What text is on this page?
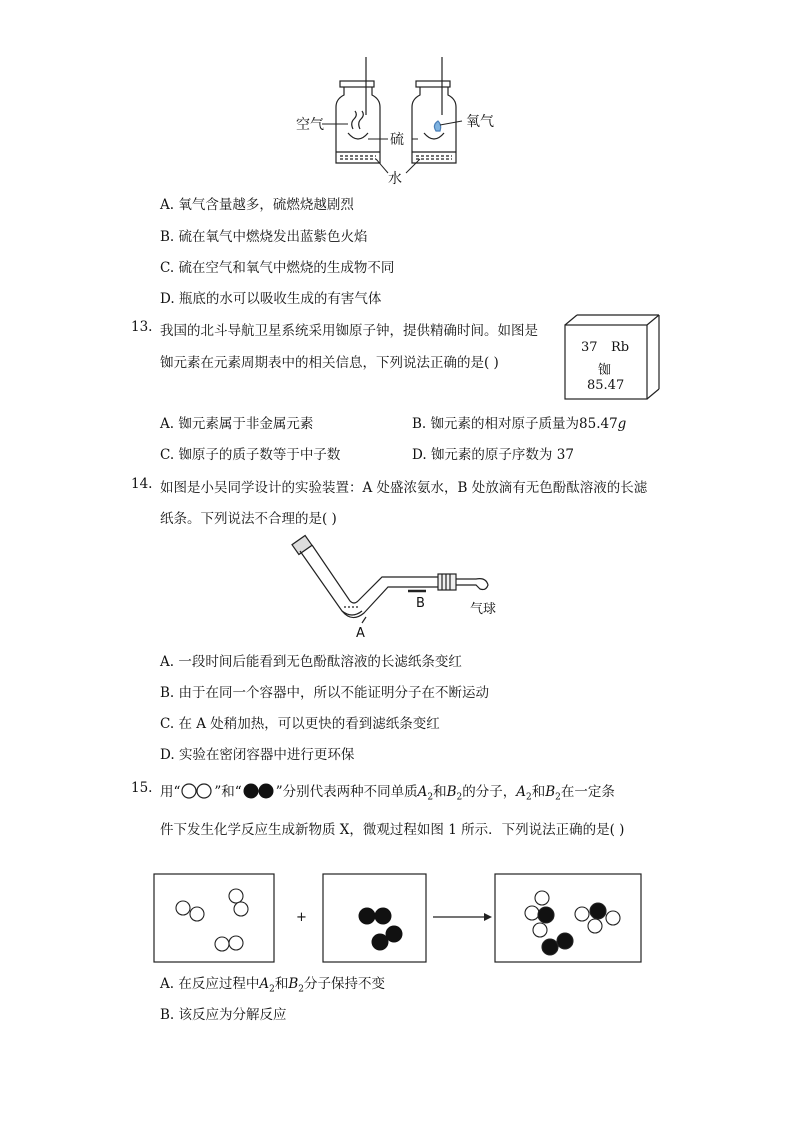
空气	氧气
硫
水
A. 氧气含量越多，硫燃烧越剧烈
B. 硫在氧气中燃烧发出蓝紫色火焰
C. 硫在空气和氧气中燃烧的生成物不同
D. 瓶底的水可以吸收生成的有害气体
13. 我国的北斗导航卫星系统采用铷原子钟，提供精确时间。如图是
铷元素在元素周期表中的相关信息，下列说法正确的是( )
37 Rb
铷
85.47
A. 铷元素属于非金属元素	B. 铷元素的相对原子质量为85.47g
C. 铷原子的质子数等于中子数	D. 铷元素的原子序数为 37
14. 如图是小吴同学设计的实验装置：A 处盛浓氨水，B 处放滴有无色酚酞溶液的长滤
纸条。下列说法不合理的是( )
A
B	气球
A. 一段时间后能看到无色酚酞溶液的长滤纸条变红
B. 由于在同一个容器中，所以不能证明分子在不断运动
C. 在 A 处稍加热，可以更快的看到滤纸条变红
D. 实验在密闭容器中进行更环保
15. 用“	”和“	”分别代表两种不同单质$A_2$和$B_2$的分子，$A_2$和$B_2$在一定条
件下发生化学反应生成新物质 X，微观过程如图 1 所示．下列说法正确的是( )
+
A. 在反应过程中$A_2$和$B_2$分子保持不变
B. 该反应为分解反应
